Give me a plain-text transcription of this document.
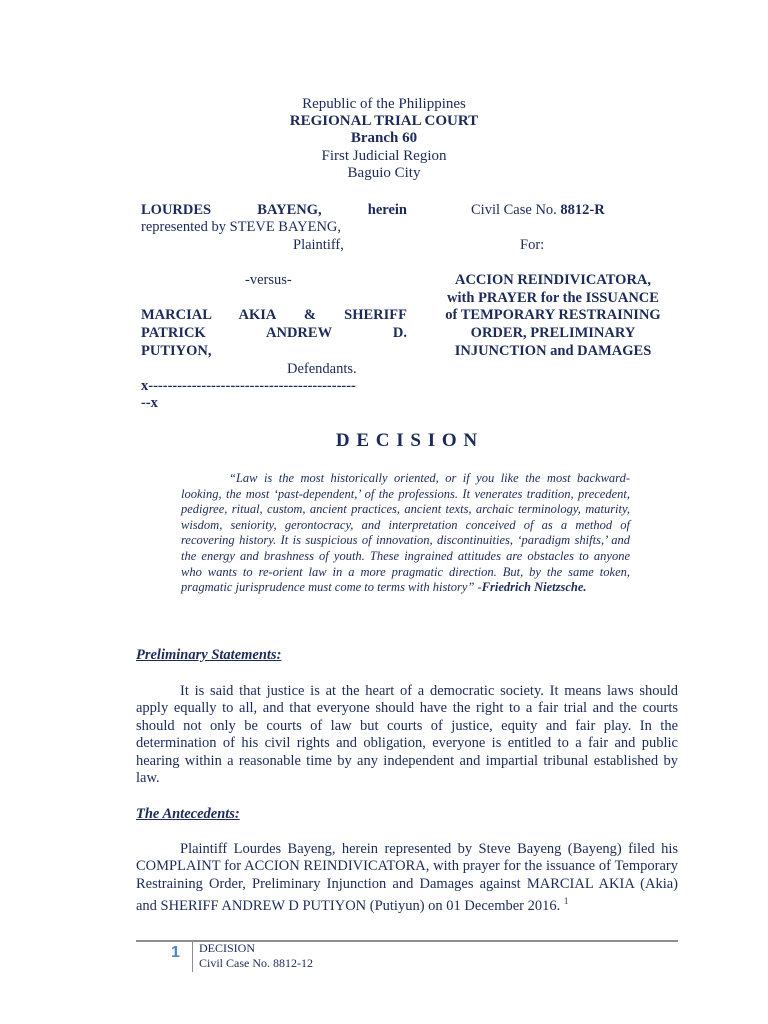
Republic of the Philippines
REGIONAL TRIAL COURT
Branch 60
First Judicial Region
Baguio City
LOURDES BAYENG, herein
represented by STEVE BAYENG,
Plaintiff,
-versus-
MARCIAL AKIA & SHERIFF
PATRICK ANDREW D.
PUTIYON,
Defendants.
x-------------------------------------------
--x
Civil Case No. 8812-R
For:
ACCION REINDIVICATORA,
with PRAYER for the ISSUANCE
of TEMPORARY RESTRAINING
ORDER, PRELIMINARY
INJUNCTION and DAMAGES
D E C I S I O N
“Law is the most historically oriented, or if you like the most backward-looking, the most ‘past-dependent,’ of the professions. It venerates tradition, precedent, pedigree, ritual, custom, ancient practices, ancient texts, archaic terminology, maturity, wisdom, seniority, gerontocracy, and interpretation conceived of as a method of recovering history. It is suspicious of innovation, discontinuities, ‘paradigm shifts,’ and the energy and brashness of youth. These ingrained attitudes are obstacles to anyone who wants to re-orient law in a more pragmatic direction. But, by the same token, pragmatic jurisprudence must come to terms with history” -Friedrich Nietzsche.
Preliminary Statements:
It is said that justice is at the heart of a democratic society. It means laws should apply equally to all, and that everyone should have the right to a fair trial and the courts should not only be courts of law but courts of justice, equity and fair play. In the determination of his civil rights and obligation, everyone is entitled to a fair and public hearing within a reasonable time by any independent and impartial tribunal established by law.
The Antecedents:
Plaintiff Lourdes Bayeng, herein represented by Steve Bayeng (Bayeng) filed his COMPLAINT for ACCION REINDIVICATORA, with prayer for the issuance of Temporary Restraining Order, Preliminary Injunction and Damages against MARCIAL AKIA (Akia) and SHERIFF ANDREW D PUTIYON (Putiyun) on 01 December 2016. $^1$
1 DECISION
Civil Case No. 8812-12
